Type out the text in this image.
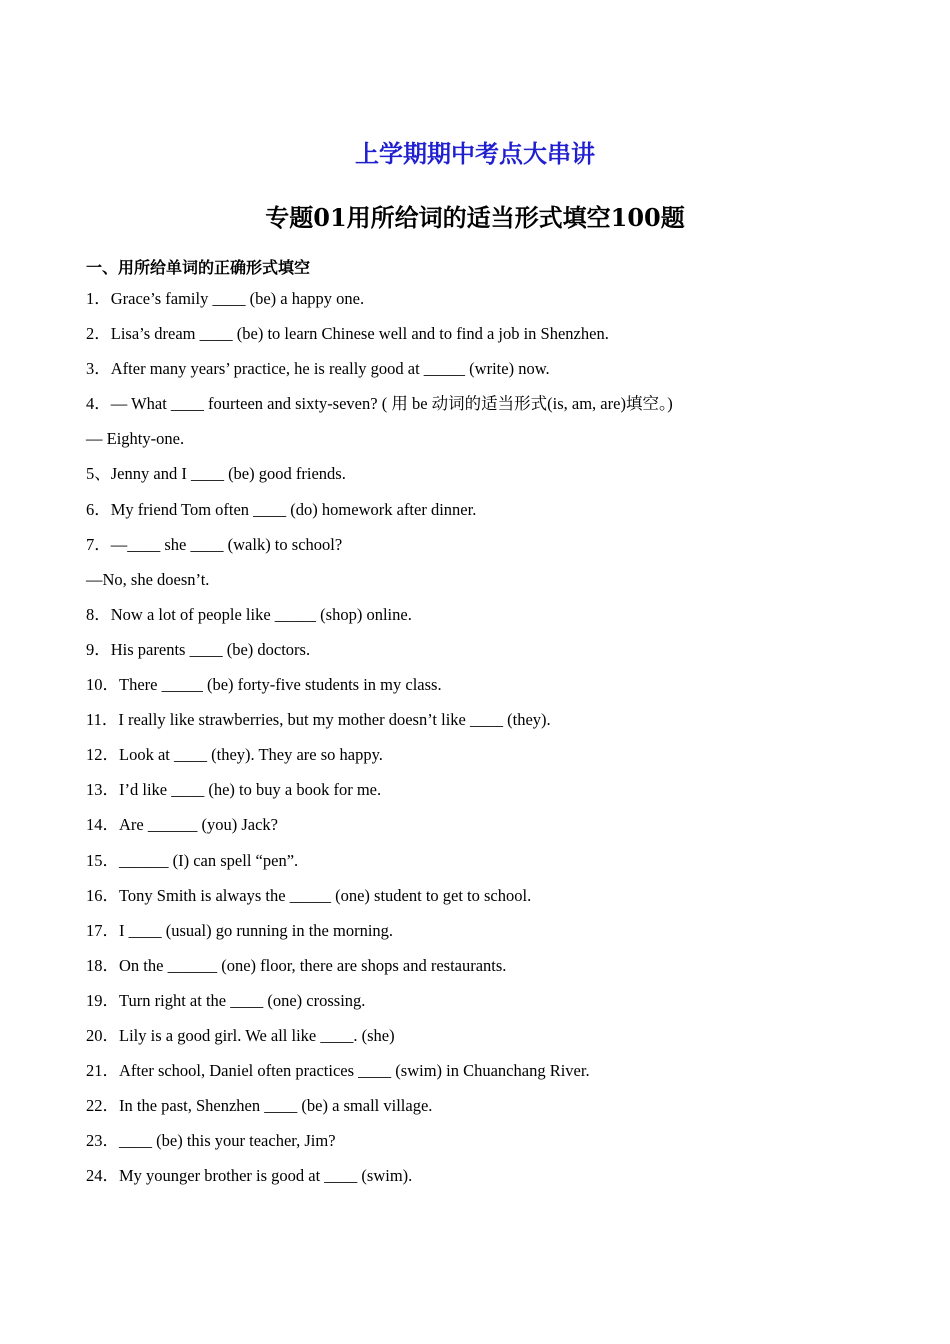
上学期期中考点大串讲
专题01用所给词的适当形式填空100题
一、用所给单词的正确形式填空
1．Grace’s family ____ (be) a happy one.
2．Lisa’s dream ____ (be) to learn Chinese well and to find a job in Shenzhen.
3．After many years’ practice, he is really good at _____ (write) now.
4．— What ____ fourteen and sixty-seven? ( 用 be 动词的适当形式(is, am, are)填空。)
— Eighty-one.
5、Jenny and I ____ (be) good friends.
6．My friend Tom often ____ (do) homework after dinner.
7．—____ she ____ (walk) to school?
—No, she doesn’t.
8．Now a lot of people like _____ (shop) online.
9．His parents ____ (be) doctors.
10．There _____ (be) forty-five students in my class.
11．I really like strawberries, but my mother doesn’t like ____ (they).
12．Look at ____ (they). They are so happy.
13．I’d like ____ (he) to buy a book for me.
14．Are ______ (you) Jack?
15．______ (I) can spell “pen”.
16．Tony Smith is always the _____ (one) student to get to school.
17．I ____ (usual) go running in the morning.
18．On the ______ (one) floor, there are shops and restaurants.
19．Turn right at the ____ (one) crossing.
20．Lily is a good girl. We all like ____. (she)
21．After school, Daniel often practices ____ (swim) in Chuanchang River.
22．In the past, Shenzhen ____ (be) a small village.
23．____ (be) this your teacher, Jim?
24．My younger brother is good at ____ (swim).
